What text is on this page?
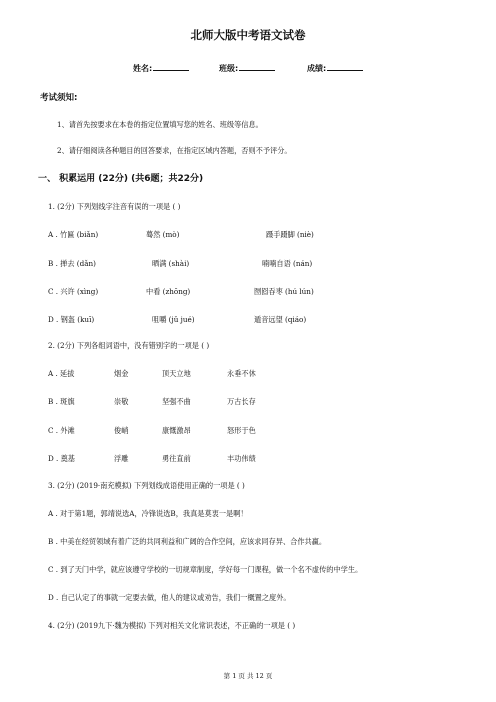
北师大版中考语文试卷
姓名:	班级:	成绩:
考试须知:
1、请首先按要求在本卷的指定位置填写您的姓名、班级等信息。
2、请仔细阅读各种题目的回答要求，在指定区域内答题，否则不予评分。
一、 积累运用 (22分) (共6题；共22分)
1. (2分) 下列划线字注音有误的一项是 ( )
A . 竹匾 (biǎn)	蓦然 (mò)	蹑手蹑脚 (niè)
B . 掸去 (dǎn)	晒满 (shài)	喃喃自语 (nán)
C . 兴许 (xìng)	中看 (zhōng)	囫囵吞枣 (hú lún)
D . 钢盔 (kuī)	咀嚼 (jǔ jué)	遁音远望 (qiáo)
2. (2分) 下列各组词语中，没有错别字的一项是 ( )
A . 延拔	烟金	顶天立地	永垂不休
B . 斑旗	崇敬	坚强不曲	万古长存
C . 外滩	俊峭	康慨激昂	怒形于色
D . 奠基	浮雕	勇往直前	丰功伟绩
3. (2分) (2019·南充模拟) 下列划线成语使用正确的一项是 ( )
A . 对于第1题，郭靖说选A，冷锋说选B，我真是莫衷一是啊！
B . 中美在经贸领域有着广泛的共同利益和广阔的合作空间，应该求同存异、合作共赢。
C . 到了天门中学，就应该遵守学校的一切规章制度，学好每一门课程，做一个名不虚传的中学生。
D . 自己认定了的事就一定要去做，他人的建议或劝告，我们一概置之度外。
4. (2分) (2019九下·魏为模拟) 下列对相关文化常识表述，不正确的一项是 ( )
第 1 页 共 12 页
